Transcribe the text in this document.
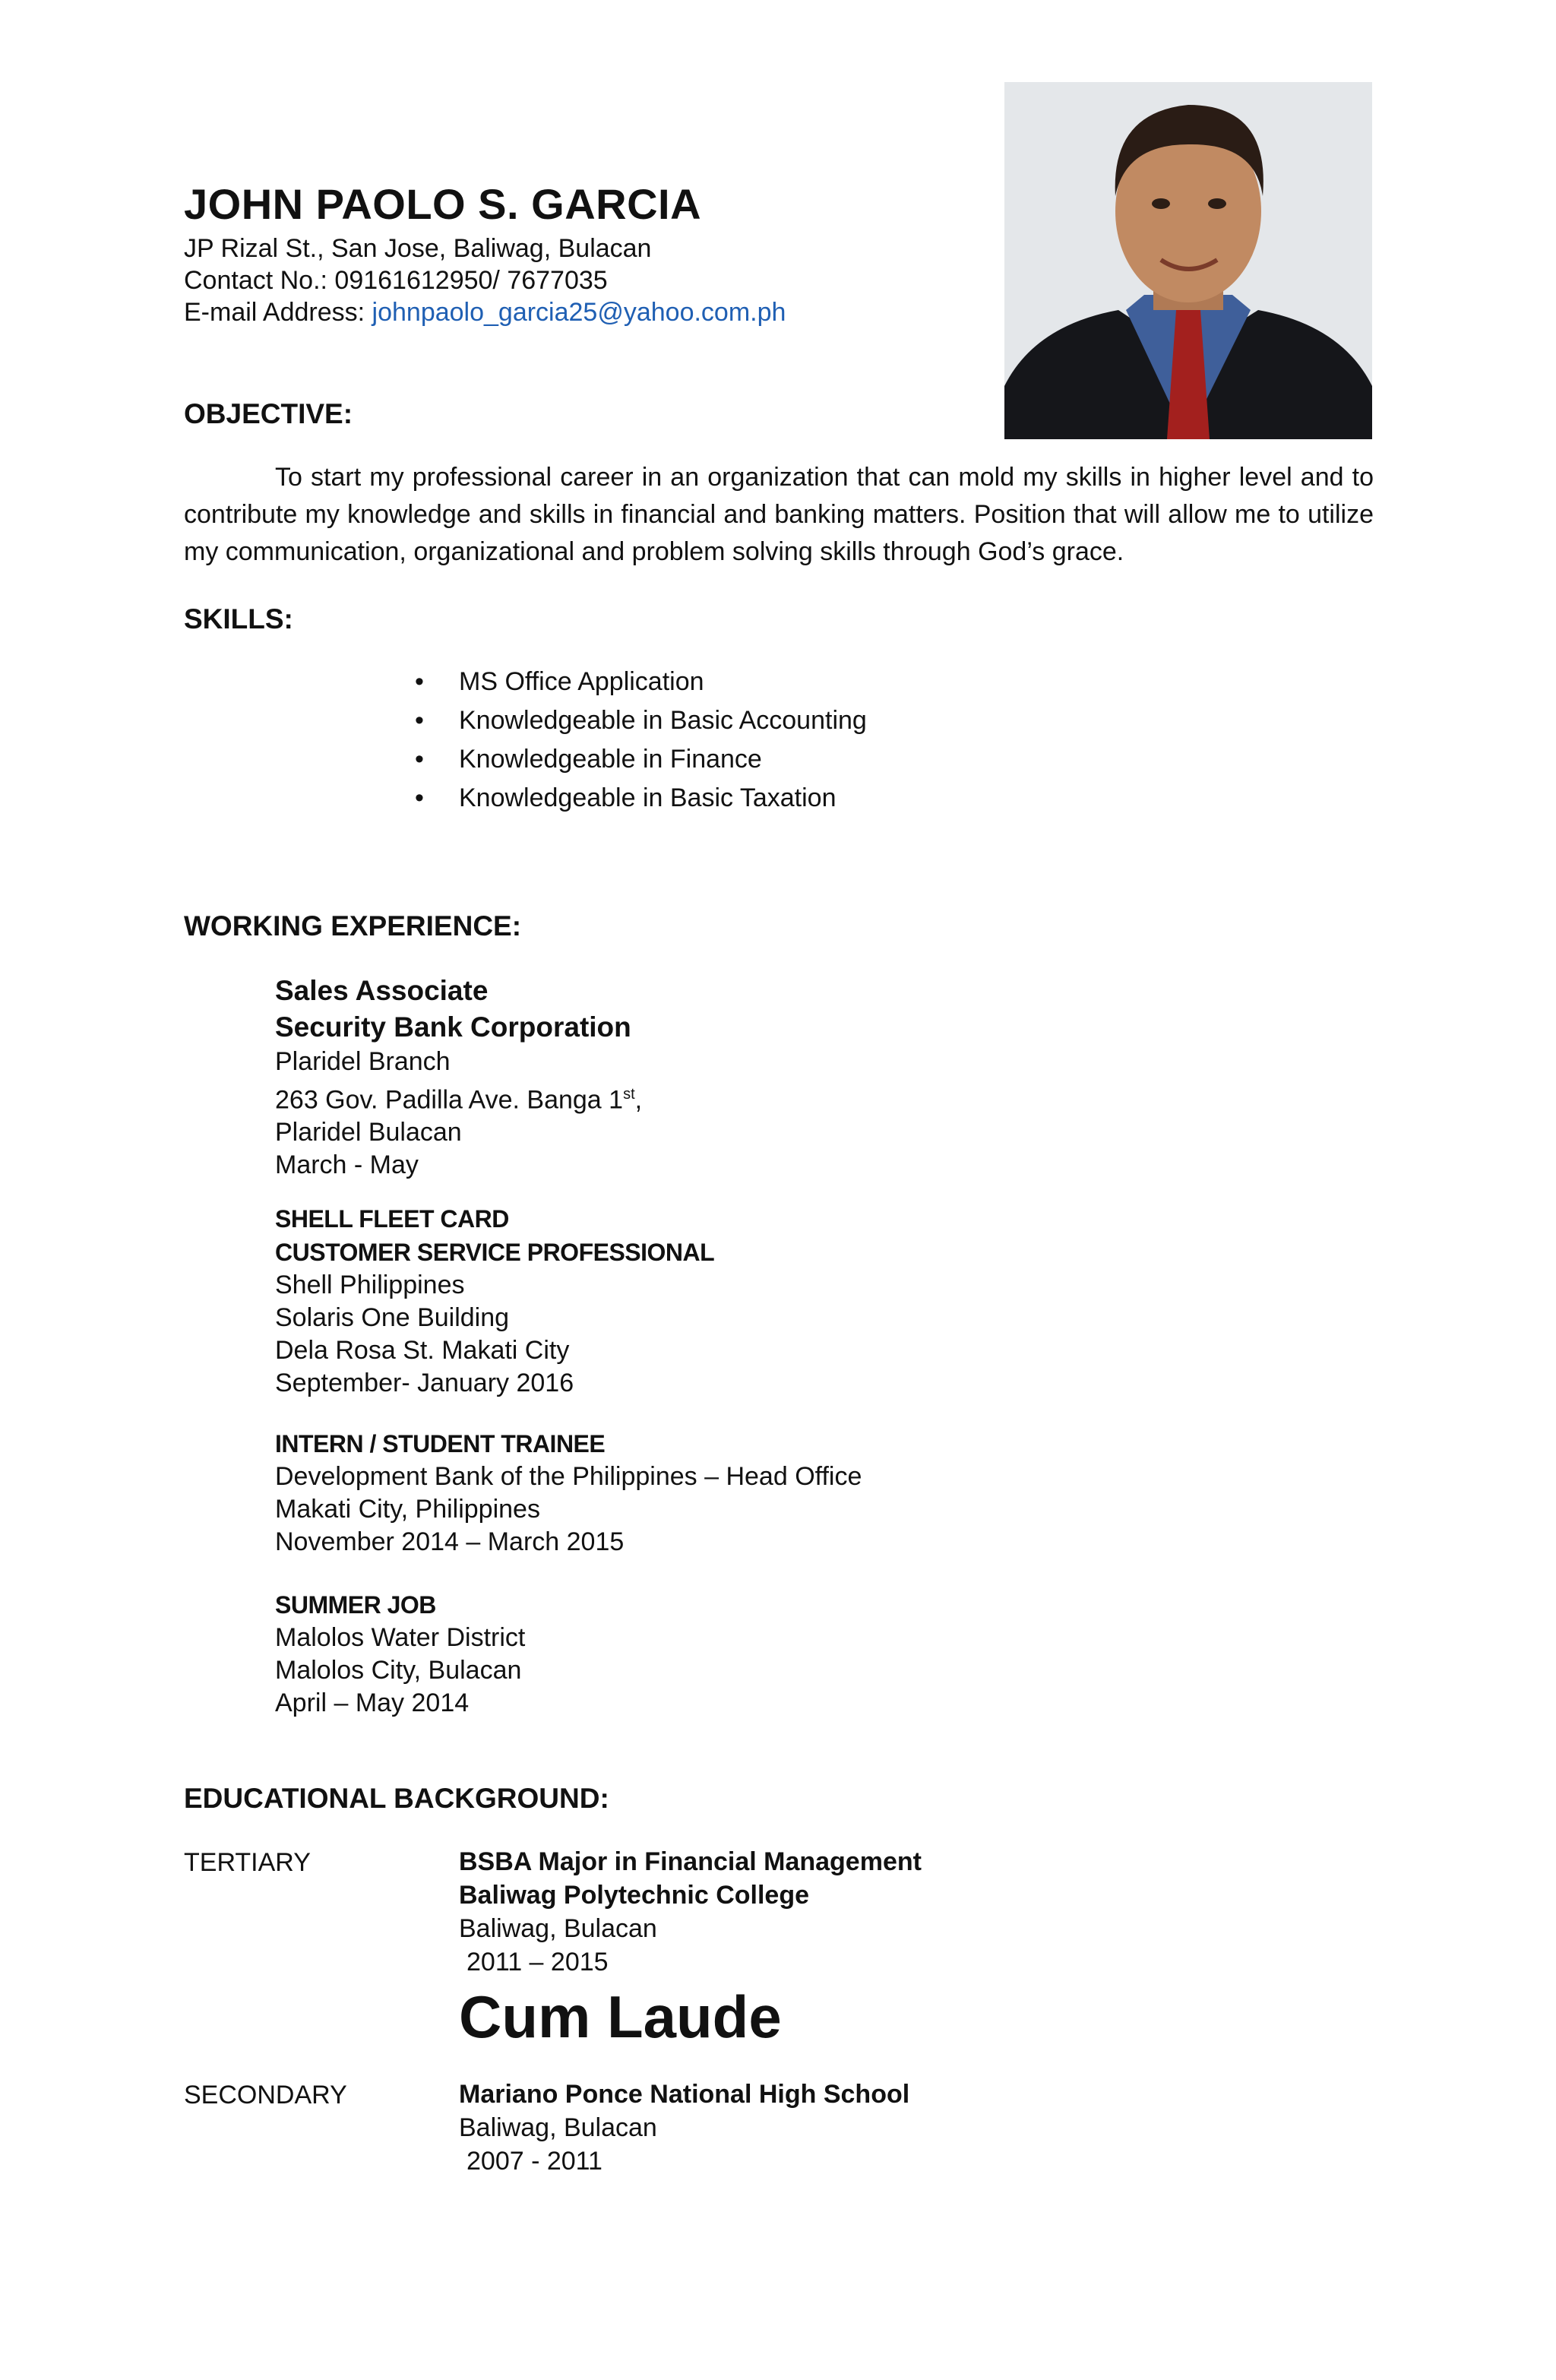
JOHN PAOLO S. GARCIA
JP Rizal St., San Jose, Baliwag, Bulacan
Contact No.: 09161612950/ 7677035
E-mail Address: johnpaolo_garcia25@yahoo.com.ph
OBJECTIVE:
To start my professional career in an organization that can mold my skills in higher level and to contribute my knowledge and skills in financial and banking matters. Position that will allow me to utilize my communication, organizational and problem solving skills through God’s grace.
SKILLS:
• MS Office Application
• Knowledgeable in Basic Accounting
• Knowledgeable in Finance
• Knowledgeable in Basic Taxation
WORKING EXPERIENCE:
Sales Associate
Security Bank Corporation
Plaridel Branch
263 Gov. Padilla Ave. Banga 1st,
Plaridel Bulacan
March - May
SHELL FLEET CARD
CUSTOMER SERVICE PROFESSIONAL
Shell Philippines
Solaris One Building
Dela Rosa St. Makati City
September- January 2016
INTERN / STUDENT TRAINEE
Development Bank of the Philippines – Head Office
Makati City, Philippines
November 2014 – March 2015
SUMMER JOB
Malolos Water District
Malolos City, Bulacan
April – May 2014
EDUCATIONAL BACKGROUND:
TERTIARY	BSBA Major in Financial Management
Baliwag Polytechnic College
Baliwag, Bulacan
2011 – 2015
Cum Laude
SECONDARY	Mariano Ponce National High School
Baliwag, Bulacan
2007 - 2011
